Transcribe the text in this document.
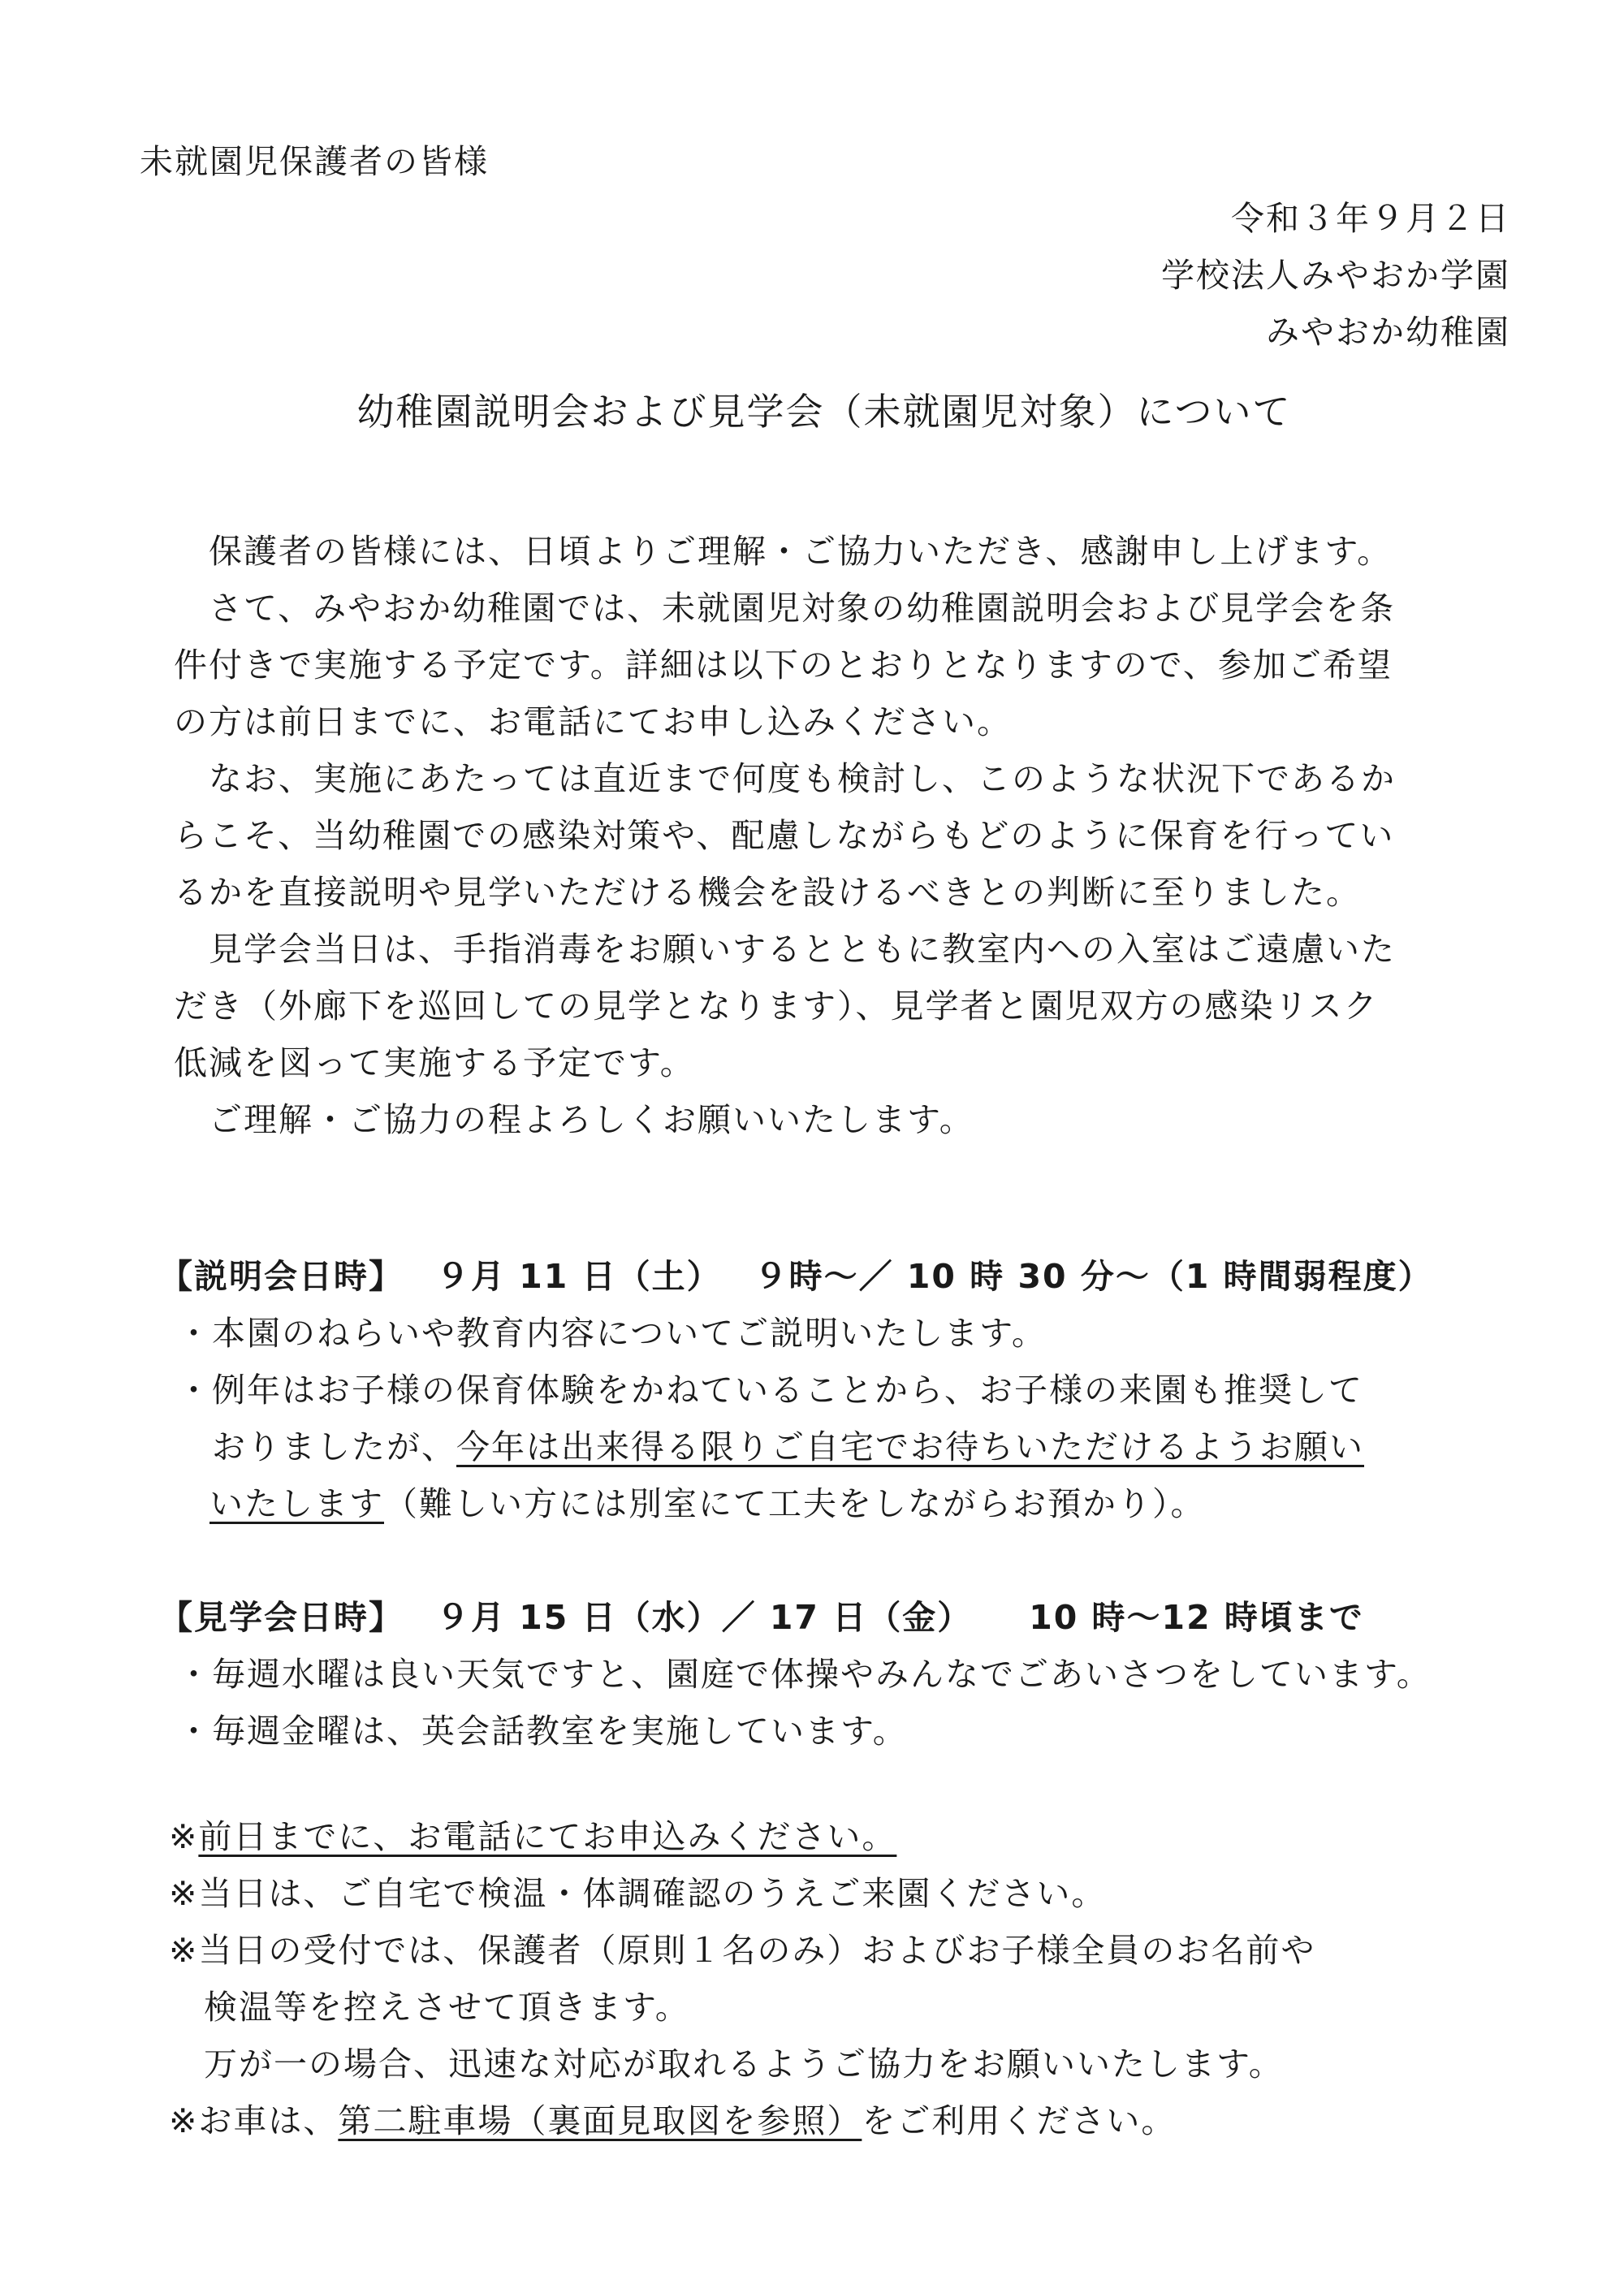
未就園児保護者の皆様
令和３年９月２日
学校法人みやおか学園
みやおか幼稚園
幼稚園説明会および見学会（未就園児対象）について
　保護者の皆様には、日頃よりご理解・ご協力いただき、感謝申し上げます。
　さて、みやおか幼稚園では、未就園児対象の幼稚園説明会および見学会を条
件付きで実施する予定です。詳細は以下のとおりとなりますので、参加ご希望
の方は前日までに、お電話にてお申し込みください。
　なお、実施にあたっては直近まで何度も検討し、このような状況下であるか
らこそ、当幼稚園での感染対策や、配慮しながらもどのように保育を行ってい
るかを直接説明や見学いただける機会を設けるべきとの判断に至りました。
　見学会当日は、手指消毒をお願いするとともに教室内への入室はご遠慮いた
だき（外廊下を巡回しての見学となります）、見学者と園児双方の感染リスク
低減を図って実施する予定です。
　ご理解・ご協力の程よろしくお願いいたします。
【説明会日時】 ９月 11 日（土） ９時～／ 10 時 30 分～（1 時間弱程度）
・本園のねらいや教育内容についてご説明いたします。
・例年はお子様の保育体験をかねていることから、お子様の来園も推奨して
　おりましたが、今年は出来得る限りご自宅でお待ちいただけるようお願い
いたします（難しい方には別室にて工夫をしながらお預かり）。
【見学会日時】 ９月 15 日（水）／ 17 日（金） 10 時～12 時頃まで
・毎週水曜は良い天気ですと、園庭で体操やみんなでごあいさつをしています。
・毎週金曜は、英会話教室を実施しています。
※前日までに、お電話にてお申込みください。
※当日は、ご自宅で検温・体調確認のうえご来園ください。
※当日の受付では、保護者（原則１名のみ）およびお子様全員のお名前や
　検温等を控えさせて頂きます。
　万が一の場合、迅速な対応が取れるようご協力をお願いいたします。
※お車は、第二駐車場（裏面見取図を参照）をご利用ください。
